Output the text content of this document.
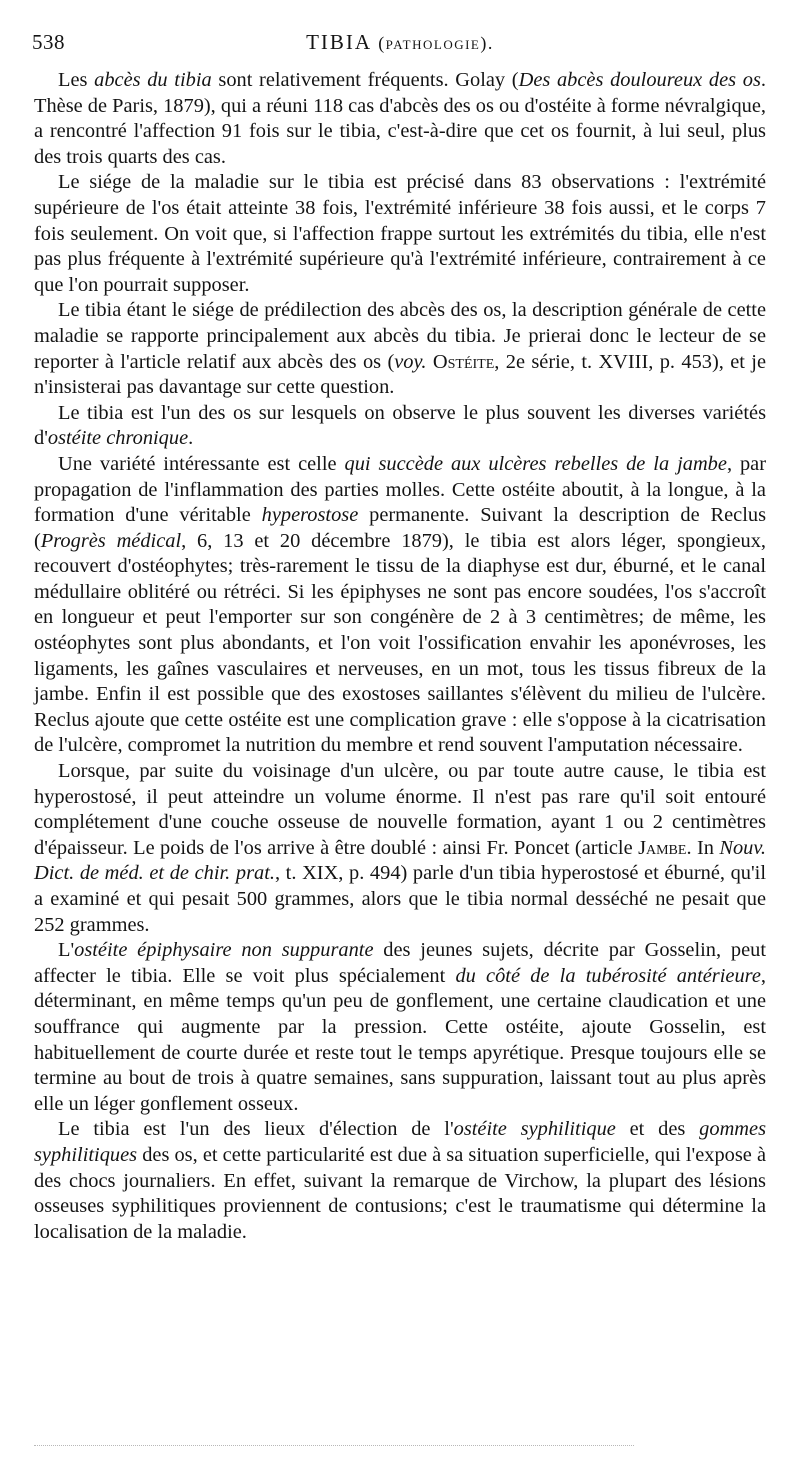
538	TIBIA (pathologie).

Les abcès du tibia sont relativement fréquents. Golay (Des abcès douloureux des os. Thèse de Paris, 1879), qui a réuni 118 cas d'abcès des os ou d'ostéite à forme névralgique, a rencontré l'affection 91 fois sur le tibia, c'est-à-dire que cet os fournit, à lui seul, plus des trois quarts des cas.

Le siége de la maladie sur le tibia est précisé dans 83 observations : l'extrémité supérieure de l'os était atteinte 38 fois, l'extrémité inférieure 38 fois aussi, et le corps 7 fois seulement. On voit que, si l'affection frappe surtout les extrémités du tibia, elle n'est pas plus fréquente à l'extrémité supérieure qu'à l'extrémité inférieure, contrairement à ce que l'on pourrait supposer.

Le tibia étant le siége de prédilection des abcès des os, la description générale de cette maladie se rapporte principalement aux abcès du tibia. Je prierai donc le lecteur de se reporter à l'article relatif aux abcès des os (voy. Ostéite, 2e série, t. XVIII, p. 453), et je n'insisterai pas davantage sur cette question.

Le tibia est l'un des os sur lesquels on observe le plus souvent les diverses variétés d'ostéite chronique.

Une variété intéressante est celle qui succède aux ulcères rebelles de la jambe, par propagation de l'inflammation des parties molles. Cette ostéite aboutit, à la longue, à la formation d'une véritable hyperostose permanente. Suivant la description de Reclus (Progrès médical, 6, 13 et 20 décembre 1879), le tibia est alors léger, spongieux, recouvert d'ostéophytes; très-rarement le tissu de la diaphyse est dur, éburné, et le canal médullaire oblitéré ou rétréci. Si les épiphyses ne sont pas encore soudées, l'os s'accroît en longueur et peut l'emporter sur son congénère de 2 à 3 centimètres; de même, les ostéophytes sont plus abondants, et l'on voit l'ossification envahir les aponévroses, les ligaments, les gaînes vasculaires et nerveuses, en un mot, tous les tissus fibreux de la jambe. Enfin il est possible que des exostoses saillantes s'élèvent du milieu de l'ulcère. Reclus ajoute que cette ostéite est une complication grave : elle s'oppose à la cicatrisation de l'ulcère, compromet la nutrition du membre et rend souvent l'amputation nécessaire.

Lorsque, par suite du voisinage d'un ulcère, ou par toute autre cause, le tibia est hyperostosé, il peut atteindre un volume énorme. Il n'est pas rare qu'il soit entouré complétement d'une couche osseuse de nouvelle formation, ayant 1 ou 2 centimètres d'épaisseur. Le poids de l'os arrive à être doublé : ainsi Fr. Poncet (article Jambe. In Nouv. Dict. de méd. et de chir. prat., t. XIX, p. 494) parle d'un tibia hyperostosé et éburné, qu'il a examiné et qui pesait 500 grammes, alors que le tibia normal desséché ne pesait que 252 grammes.

L'ostéite épiphysaire non suppurante des jeunes sujets, décrite par Gosselin, peut affecter le tibia. Elle se voit plus spécialement du côté de la tubérosité antérieure, déterminant, en même temps qu'un peu de gonflement, une certaine claudication et une souffrance qui augmente par la pression. Cette ostéite, ajoute Gosselin, est habituellement de courte durée et reste tout le temps apyrétique. Presque toujours elle se termine au bout de trois à quatre semaines, sans suppuration, laissant tout au plus après elle un léger gonflement osseux.

Le tibia est l'un des lieux d'élection de l'ostéite syphilitique et des gommes syphilitiques des os, et cette particularité est due à sa situation superficielle, qui l'expose à des chocs journaliers. En effet, suivant la remarque de Virchow, la plupart des lésions osseuses syphilitiques proviennent de contusions; c'est le traumatisme qui détermine la localisation de la maladie.
